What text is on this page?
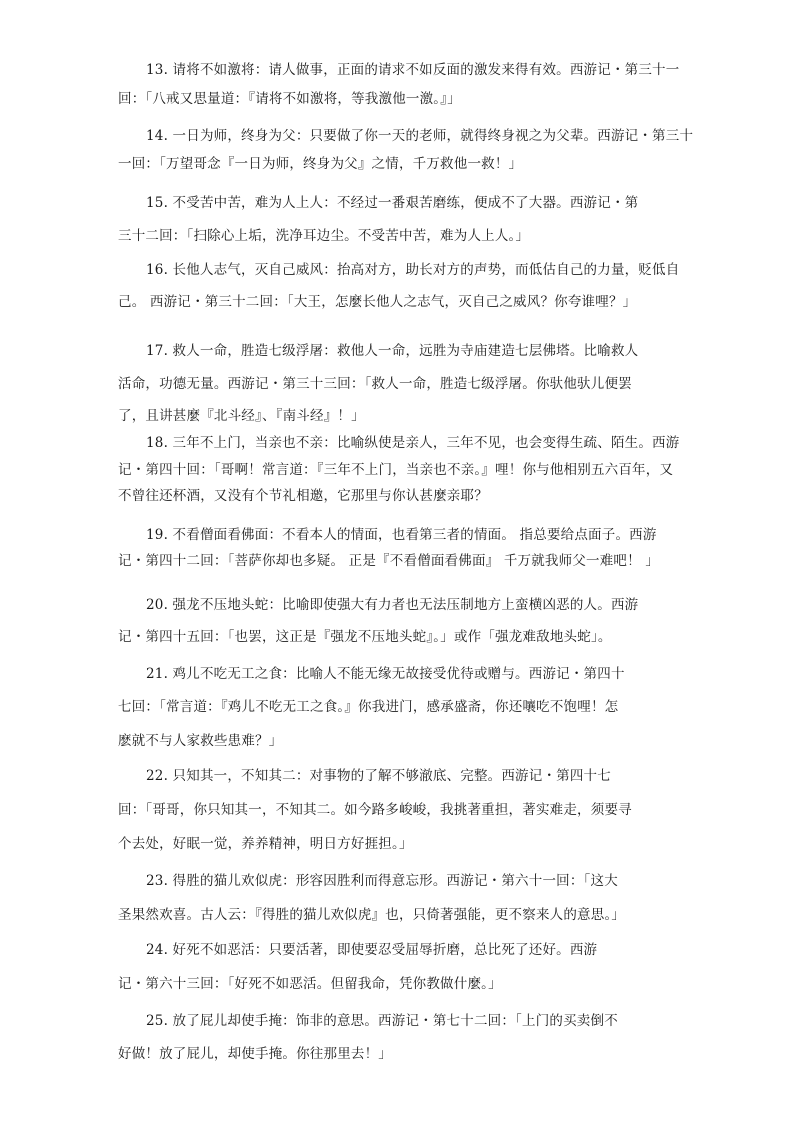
13. 请将不如激将：请人做事，正面的请求不如反面的激发来得有效。西游记・第三十一
回：「八戒又思量道：『请将不如激将，等我激他一激。』」
14. 一日为师，终身为父：只要做了你一天的老师，就得终身视之为父辈。西游记・第三十
一回：「万望哥念『一日为师，终身为父』之情，千万救他一救！」
15. 不受苦中苦，难为人上人：不经过一番艰苦磨练，便成不了大器。西游记・第
三十二回：「扫除心上垢，洗净耳边尘。不受苦中苦，难为人上人。」
16. 长他人志气，灭自己威风：抬高对方，助长对方的声势，而低估自己的力量，贬低自
己。 西游记・第三十二回：「大王，怎麼长他人之志气，灭自己之威风？你夸谁哩？」
17. 救人一命，胜造七级浮屠：救他人一命，远胜为寺庙建造七层佛塔。比喻救人
活命，功德无量。西游记・第三十三回：「救人一命，胜造七级浮屠。你驮他驮儿便罢
了，且讲甚麼『北斗经』、『南斗经』！」
18. 三年不上门，当亲也不亲：比喻纵使是亲人，三年不见，也会变得生疏、陌生。西游
记・第四十回：「哥啊！常言道：『三年不上门，当亲也不亲。』哩！你与他相别五六百年，又
不曾往还杯酒，又没有个节礼相邀，它那里与你认甚麼亲耶？
19. 不看僧面看佛面：不看本人的情面，也看第三者的情面。 指总要给点面子。西游
记・第四十二回：「菩萨你却也多疑。 正是『不看僧面看佛面』 千万就我师父一难吧！ 」
20. 强龙不压地头蛇：比喻即使强大有力者也无法压制地方上蛮横凶恶的人。西游
记・第四十五回：「也罢，这正是『强龙不压地头蛇』。」或作「强龙难敌地头蛇」。
21. 鸡儿不吃无工之食：比喻人不能无缘无故接受优待或赠与。西游记・第四十
七回：「常言道：『鸡儿不吃无工之食。』你我进门，感承盛斋，你还嚷吃不饱哩！怎
麽就不与人家救些患难？」
22. 只知其一，不知其二：对事物的了解不够澈底、完整。西游记・第四十七
回：「哥哥，你只知其一，不知其二。如今路多峻峻，我挑著重担，著实难走，须要寻
个去处，好眠一觉，养养精神，明日方好捱担。」
23. 得胜的猫儿欢似虎：形容因胜利而得意忘形。西游记・第六十一回：「这大
圣果然欢喜。古人云：『得胜的猫儿欢似虎』也，只倚著强能，更不察来人的意思。」
24. 好死不如恶活：只要活著，即使要忍受屈辱折磨，总比死了还好。西游
记・第六十三回：「好死不如恶活。但留我命，凭你教做什麼。」
25. 放了屁儿却使手掩：饰非的意思。西游记・第七十二回：「上门的买卖倒不
好做！放了屁儿，却使手掩。你往那里去！」
